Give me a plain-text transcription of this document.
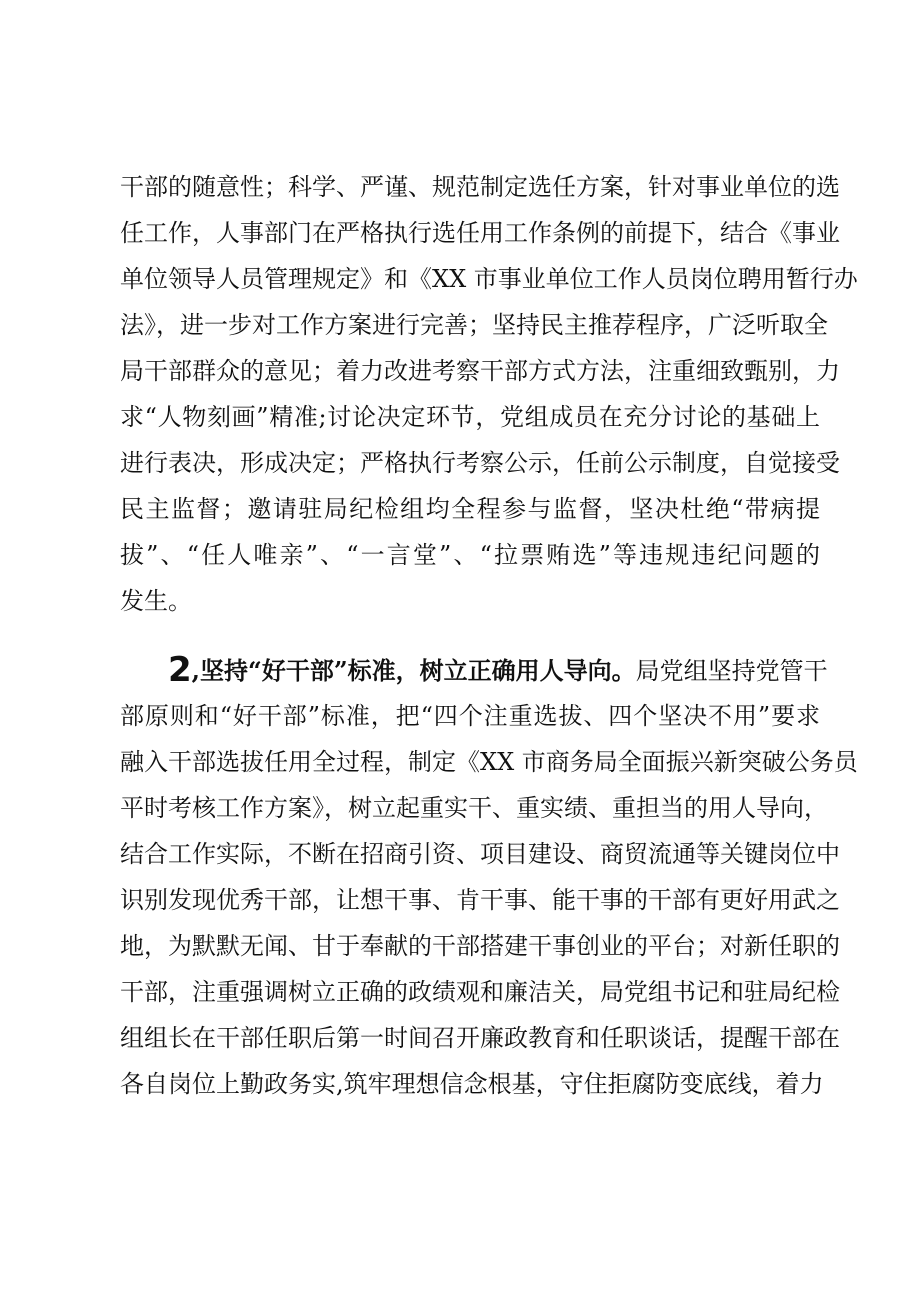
干部的随意性；科学、严谨、规范制定选任方案，针对事业单位的选
任工作，人事部门在严格执行选任用工作条例的前提下，结合《事业
单位领导人员管理规定》和《XX 市事业单位工作人员岗位聘用暂行办
法》，进一步对工作方案进行完善；坚持民主推荐程序，广泛听取全
局干部群众的意见；着力改进考察干部方式方法，注重细致甄别，力
求“人物刻画”精准;讨论决定环节，党组成员在充分讨论的基础上
进行表决，形成决定；严格执行考察公示，任前公示制度，自觉接受
民主监督；邀请驻局纪检组均全程参与监督，坚决杜绝“带病提
拔”、“任人唯亲”、“一言堂”、“拉票贿选”等违规违纪问题的
发生。
2,坚持“好干部”标准，树立正确用人导向。局党组坚持党管干
部原则和“好干部”标准，把“四个注重选拔、四个坚决不用”要求
融入干部选拔任用全过程，制定《XX 市商务局全面振兴新突破公务员
平时考核工作方案》，树立起重实干、重实绩、重担当的用人导向，
结合工作实际，不断在招商引资、项目建设、商贸流通等关键岗位中
识别发现优秀干部，让想干事、肯干事、能干事的干部有更好用武之
地，为默默无闻、甘于奉献的干部搭建干事创业的平台；对新任职的
干部，注重强调树立正确的政绩观和廉洁关，局党组书记和驻局纪检
组组长在干部任职后第一时间召开廉政教育和任职谈话，提醒干部在
各自岗位上勤政务实,筑牢理想信念根基，守住拒腐防变底线，着力
